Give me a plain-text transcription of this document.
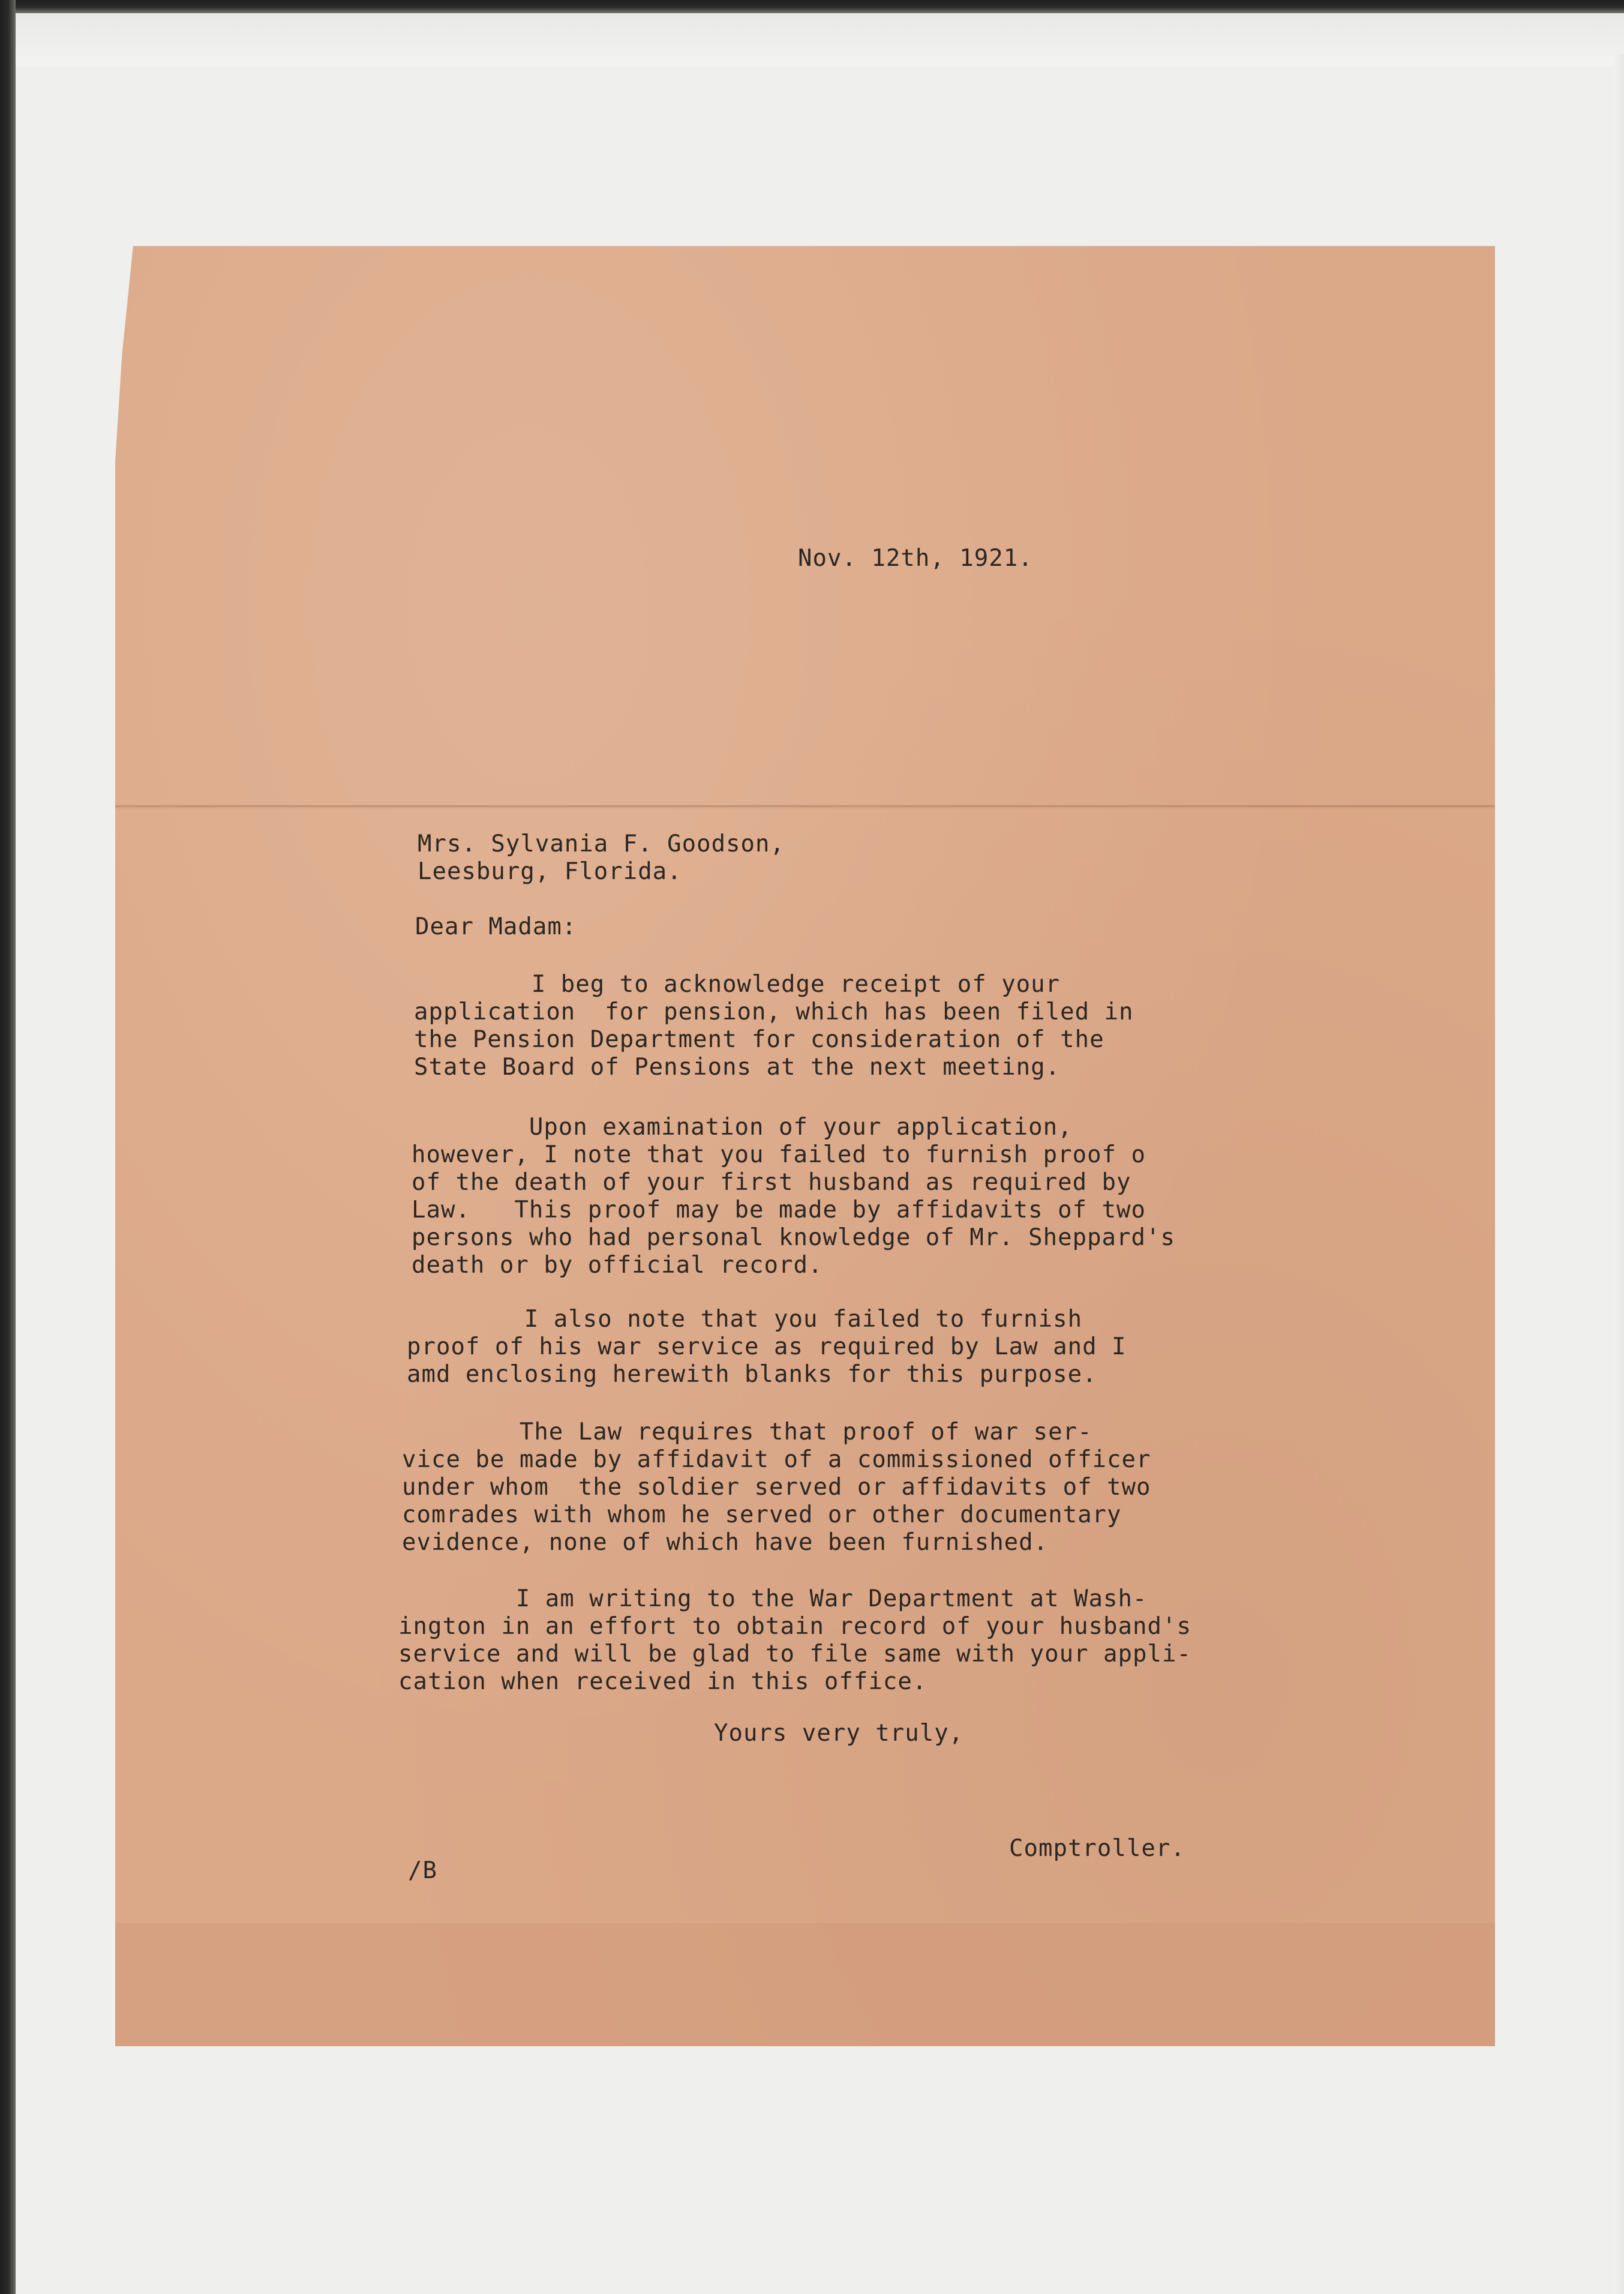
Nov. 12th, 1921.
Mrs. Sylvania F. Goodson,
Leesburg, Florida.
Dear Madam:
I beg to acknowledge receipt of your
application  for pension, which has been filed in
the Pension Department for consideration of the
State Board of Pensions at the next meeting.
Upon examination of your application,
however, I note that you failed to furnish proof o
of the death of your first husband as required by
Law.   This proof may be made by affidavits of two
persons who had personal knowledge of Mr. Sheppard's
death or by official record.
I also note that you failed to furnish
proof of his war service as required by Law and I
amd enclosing herewith blanks for this purpose.
The Law requires that proof of war ser-
vice be made by affidavit of a commissioned officer
under whom  the soldier served or affidavits of two
comrades with whom he served or other documentary
evidence, none of which have been furnished.
I am writing to the War Department at Wash-
ington in an effort to obtain record of your husband's
service and will be glad to file same with your appli-
cation when received in this office.
Yours very truly,
Comptroller.
/B
